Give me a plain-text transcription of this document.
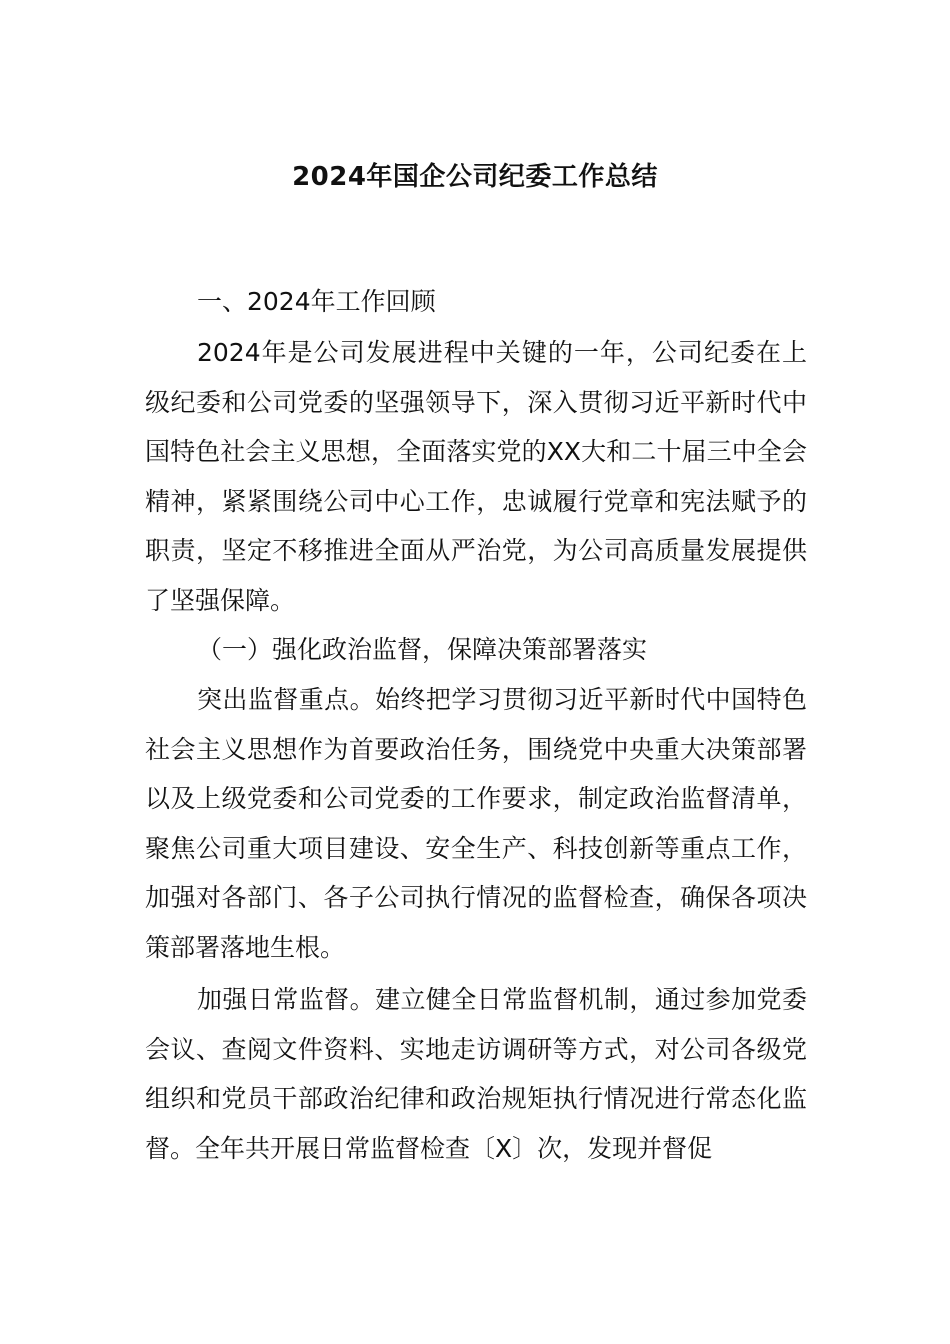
2024年国企公司纪委工作总结
一、2024年工作回顾

2024年是公司发展进程中关键的一年，公司纪委在上级纪委和公司党委的坚强领导下，深入贯彻习近平新时代中国特色社会主义思想，全面落实党的XX大和二十届三中全会精神，紧紧围绕公司中心工作，忠诚履行党章和宪法赋予的职责，坚定不移推进全面从严治党，为公司高质量发展提供了坚强保障。

（一）强化政治监督，保障决策部署落实

突出监督重点。始终把学习贯彻习近平新时代中国特色社会主义思想作为首要政治任务，围绕党中央重大决策部署以及上级党委和公司党委的工作要求，制定政治监督清单，聚焦公司重大项目建设、安全生产、科技创新等重点工作，加强对各部门、各子公司执行情况的监督检查，确保各项决策部署落地生根。

加强日常监督。建立健全日常监督机制，通过参加党委会议、查阅文件资料、实地走访调研等方式，对公司各级党组织和党员干部政治纪律和政治规矩执行情况进行常态化监督。全年共开展日常监督检查〔X〕次，发现并督促
